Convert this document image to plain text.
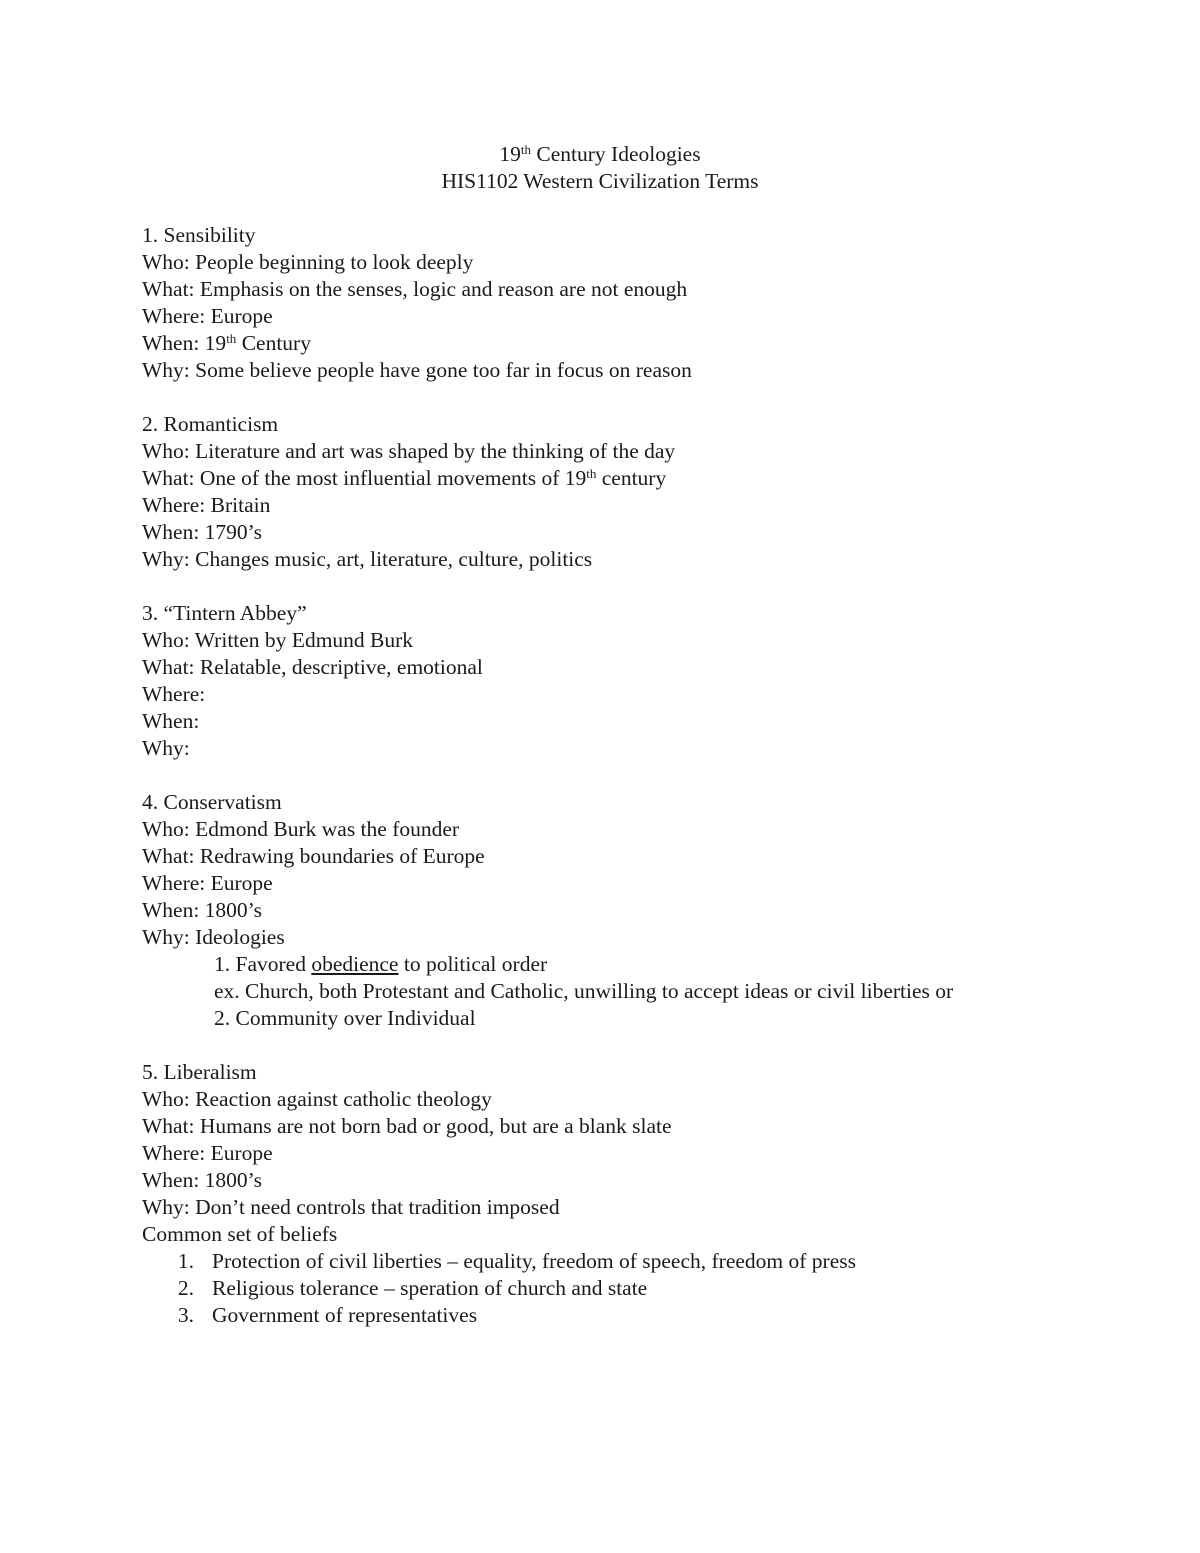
19th Century Ideologies
HIS1102 Western Civilization Terms
1. Sensibility
Who: People beginning to look deeply
What: Emphasis on the senses, logic and reason are not enough
Where: Europe
When: 19th Century
Why: Some believe people have gone too far in focus on reason
2. Romanticism
Who: Literature and art was shaped by the thinking of the day
What: One of the most influential movements of 19th century
Where: Britain
When: 1790’s
Why: Changes music, art, literature, culture, politics
3. “Tintern Abbey”
Who: Written by Edmund Burk
What: Relatable, descriptive, emotional
Where:
When:
Why:
4. Conservatism
Who: Edmond Burk was the founder
What: Redrawing boundaries of Europe
Where: Europe
When: 1800’s
Why: Ideologies
1. Favored obedience to political order
ex. Church, both Protestant and Catholic, unwilling to accept ideas or civil liberties or
2. Community over Individual
5. Liberalism
Who: Reaction against catholic theology
What: Humans are not born bad or good, but are a blank slate
Where: Europe
When: 1800’s
Why: Don’t need controls that tradition imposed
Common set of beliefs
1. Protection of civil liberties – equality, freedom of speech, freedom of press
2. Religious tolerance – speration of church and state
3. Government of representatives
